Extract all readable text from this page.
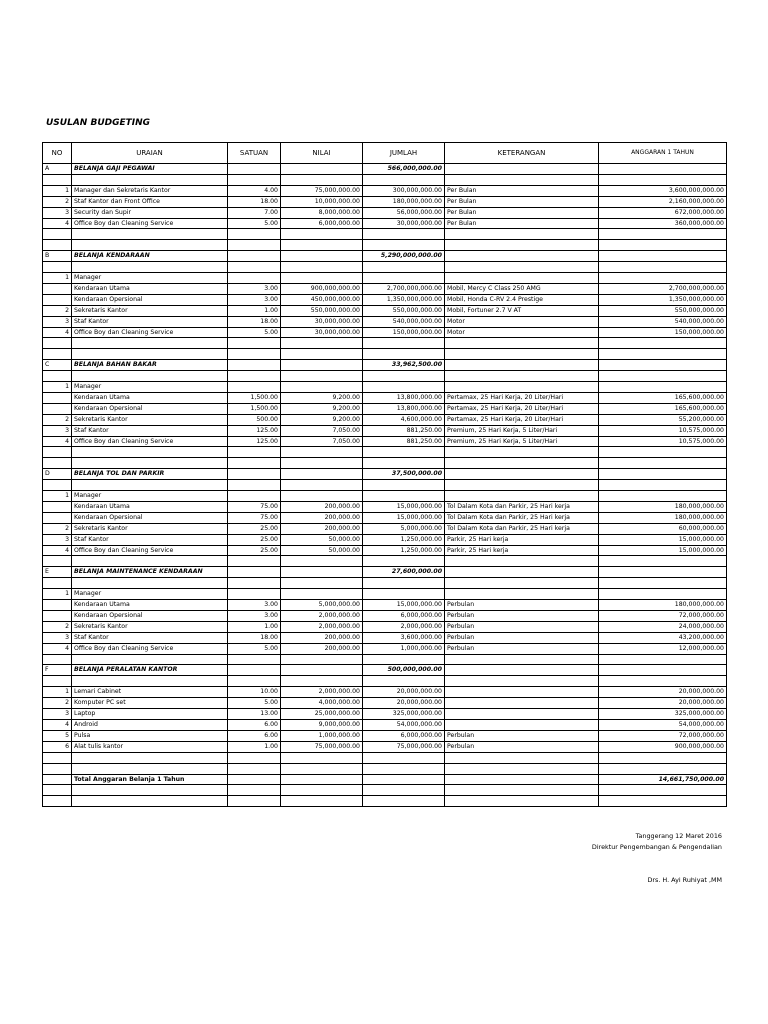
USULAN BUDGETING
NO	URAIAN	SATUAN	NILAI	JUMLAH	KETERANGAN	ANGGARAN 1 TAHUN
A	BELANJA GAJI PEGAWAI			566,000,000.00		

1	Manager dan Sekretaris Kantor	4.00	75,000,000.00	300,000,000.00	Per Bulan	3,600,000,000.00
2	Staf Kantor dan Front Office	18.00	10,000,000.00	180,000,000.00	Per Bulan	2,160,000,000.00
3	Security dan Supir	7.00	8,000,000.00	56,000,000.00	Per Bulan	672,000,000.00
4	Office Boy dan Cleaning Service	5.00	6,000,000.00	30,000,000.00	Per Bulan	360,000,000.00

B	BELANJA KENDARAAN			5,290,000,000.00		

1	Manager					
	Kendaraan Utama	3.00	900,000,000.00	2,700,000,000.00	Mobil, Mercy C Class 250 AMG	2,700,000,000.00
	Kendaraan Opersional	3.00	450,000,000.00	1,350,000,000.00	Mobil, Honda C-RV 2.4 Prestige	1,350,000,000.00
2	Sekretaris Kantor	1.00	550,000,000.00	550,000,000.00	Mobil, Fortuner 2.7 V AT	550,000,000.00
3	Staf Kantor	18.00	30,000,000.00	540,000,000.00	Motor	540,000,000.00
4	Office Boy dan Cleaning Service	5.00	30,000,000.00	150,000,000.00	Motor	150,000,000.00

C	BELANJA BAHAN BAKAR			33,962,500.00		

1	Manager					
	Kendaraan Utama	1,500.00	9,200.00	13,800,000.00	Pertamax, 25 Hari Kerja, 20 Liter/Hari	165,600,000.00
	Kendaraan Opersional	1,500.00	9,200.00	13,800,000.00	Pertamax, 25 Hari Kerja, 20 Liter/Hari	165,600,000.00
2	Sekretaris Kantor	500.00	9,200.00	4,600,000.00	Pertamax, 25 Hari Kerja, 20 Liter/Hari	55,200,000.00
3	Staf Kantor	125.00	7,050.00	881,250.00	Premium, 25 Hari Kerja, 5 Liter/Hari	10,575,000.00
4	Office Boy dan Cleaning Service	125.00	7,050.00	881,250.00	Premium, 25 Hari Kerja, 5 Liter/Hari	10,575,000.00

D	BELANJA TOL DAN PARKIR			37,500,000.00		

1	Manager					
	Kendaraan Utama	75.00	200,000.00	15,000,000.00	Tol Dalam Kota dan Parkir, 25 Hari kerja	180,000,000.00
	Kendaraan Opersional	75.00	200,000.00	15,000,000.00	Tol Dalam Kota dan Parkir, 25 Hari kerja	180,000,000.00
2	Sekretaris Kantor	25.00	200,000.00	5,000,000.00	Tol Dalam Kota dan Parkir, 25 Hari kerja	60,000,000.00
3	Staf Kantor	25.00	50,000.00	1,250,000.00	Parkir, 25 Hari kerja	15,000,000.00
4	Office Boy dan Cleaning Service	25.00	50,000.00	1,250,000.00	Parkir, 25 Hari kerja	15,000,000.00

E	BELANJA MAINTENANCE KENDARAAN			27,600,000.00		

1	Manager					
	Kendaraan Utama	3.00	5,000,000.00	15,000,000.00	Perbulan	180,000,000.00
	Kendaraan Opersional	3.00	2,000,000.00	6,000,000.00	Perbulan	72,000,000.00
2	Sekretaris Kantor	1.00	2,000,000.00	2,000,000.00	Perbulan	24,000,000.00
3	Staf Kantor	18.00	200,000.00	3,600,000.00	Perbulan	43,200,000.00
4	Office Boy dan Cleaning Service	5.00	200,000.00	1,000,000.00	Perbulan	12,000,000.00

F	BELANJA PERALATAN KANTOR			500,000,000.00		

1	Lemari Cabinet	10.00	2,000,000.00	20,000,000.00		20,000,000.00
2	Komputer PC set	5.00	4,000,000.00	20,000,000.00		20,000,000.00
3	Laptop	13.00	25,000,000.00	325,000,000.00		325,000,000.00
4	Android	6.00	9,000,000.00	54,000,000.00		54,000,000.00
5	Pulsa	6.00	1,000,000.00	6,000,000.00	Perbulan	72,000,000.00
6	Alat tulis kantor	1.00	75,000,000.00	75,000,000.00	Perbulan	900,000,000.00

	Total Anggaran Belanja 1 Tahun					14,661,750,000.00

Tanggerang 12 Maret 2016
Direktur Pengembangan & Pengendalian
Drs. H. Ayi Ruhiyat ,MM
